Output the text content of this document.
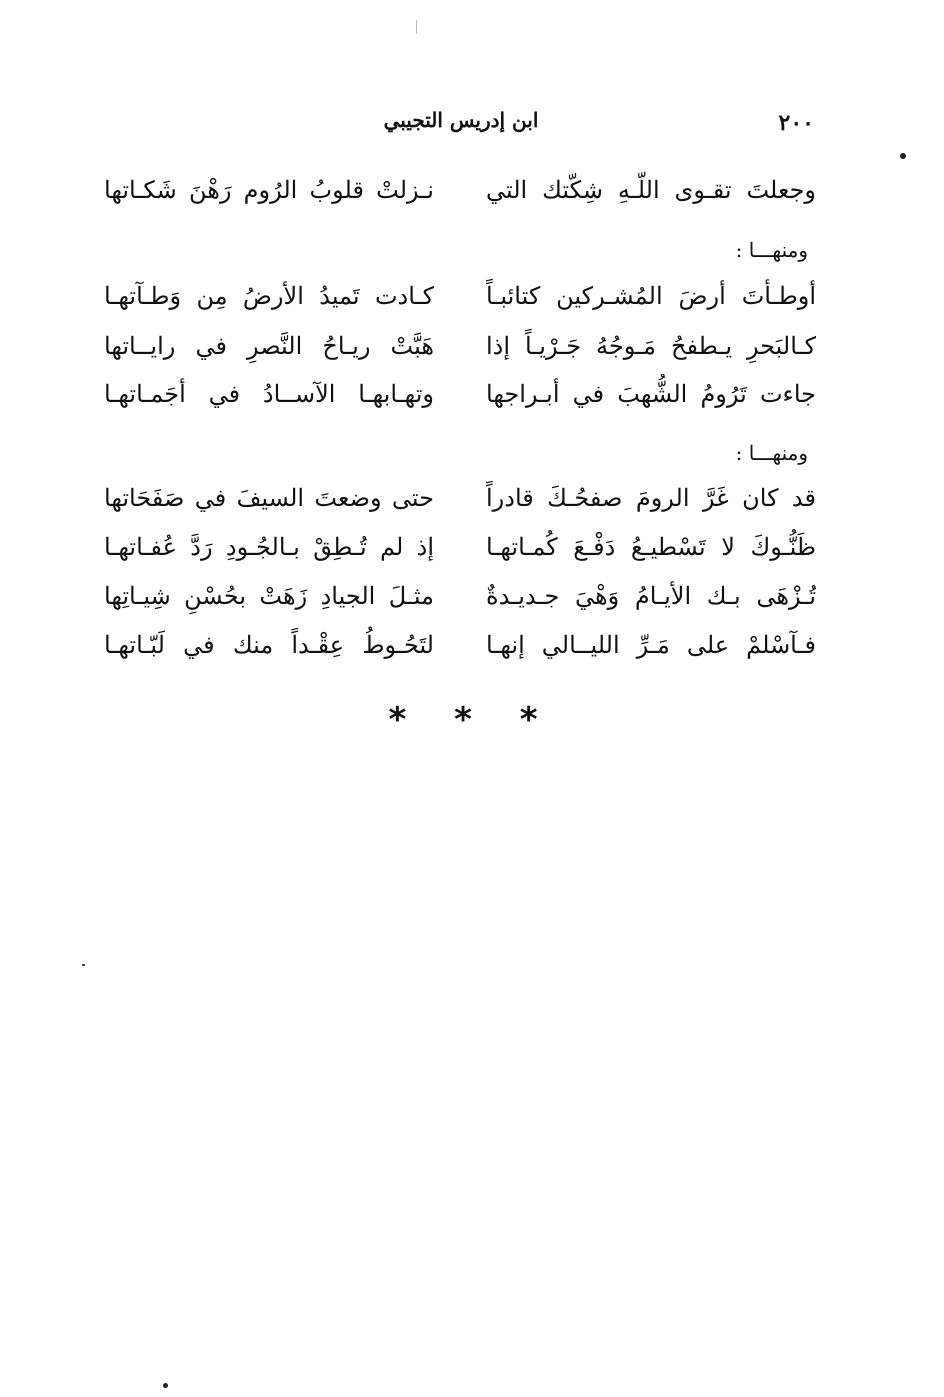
٢٠٠
ابن إدريس التجيبي
وجعلتَ تقـوى اللّـهِ شِكّتك التي
نـزلتْ قلوبُ الرُوم رَهْنَ شَكـاتها
ومنهـــا :
أوطـأتَ أرضَ المُشـركين كتائبـاً
كـادت تَميدُ الأرضُ مِن وَطـآتهـا
كـالبَحرِ يـطفحُ مَـوجُهُ جَـرْيـاً إذا
هَبَّتْ ريـاحُ النَّصرِ في رايــاتها
جاءت تَرُومُ الشُّهبَ في أبـراجها
وتهـابهـا الآســادُ في أجَمـاتهـا
ومنهـــا :
قد كان غَرَّ الرومَ صفحُـكَ قادراً
حتى وضعتَ السيفَ في صَفَحَاتها
ظَنُّـوكَ لا تَسْطيـعُ دَفْـعَ كُمـاتهـا
إذ لم تُـطِقْ بـالجُـودِ رَدَّ عُفـاتهـا
تُـزْهَى بـك الأيـامُ وَهْيَ جـديـدةٌ
مثـلَ الجيادِ زَهَتْ بحُسْنِ شِيـاتِها
فـآسْلمْ على مَـرِّ الليــالي إنهـا
لتَحُـوطُ عِقْـداً منك في لَبّـاتهـا
* * *
